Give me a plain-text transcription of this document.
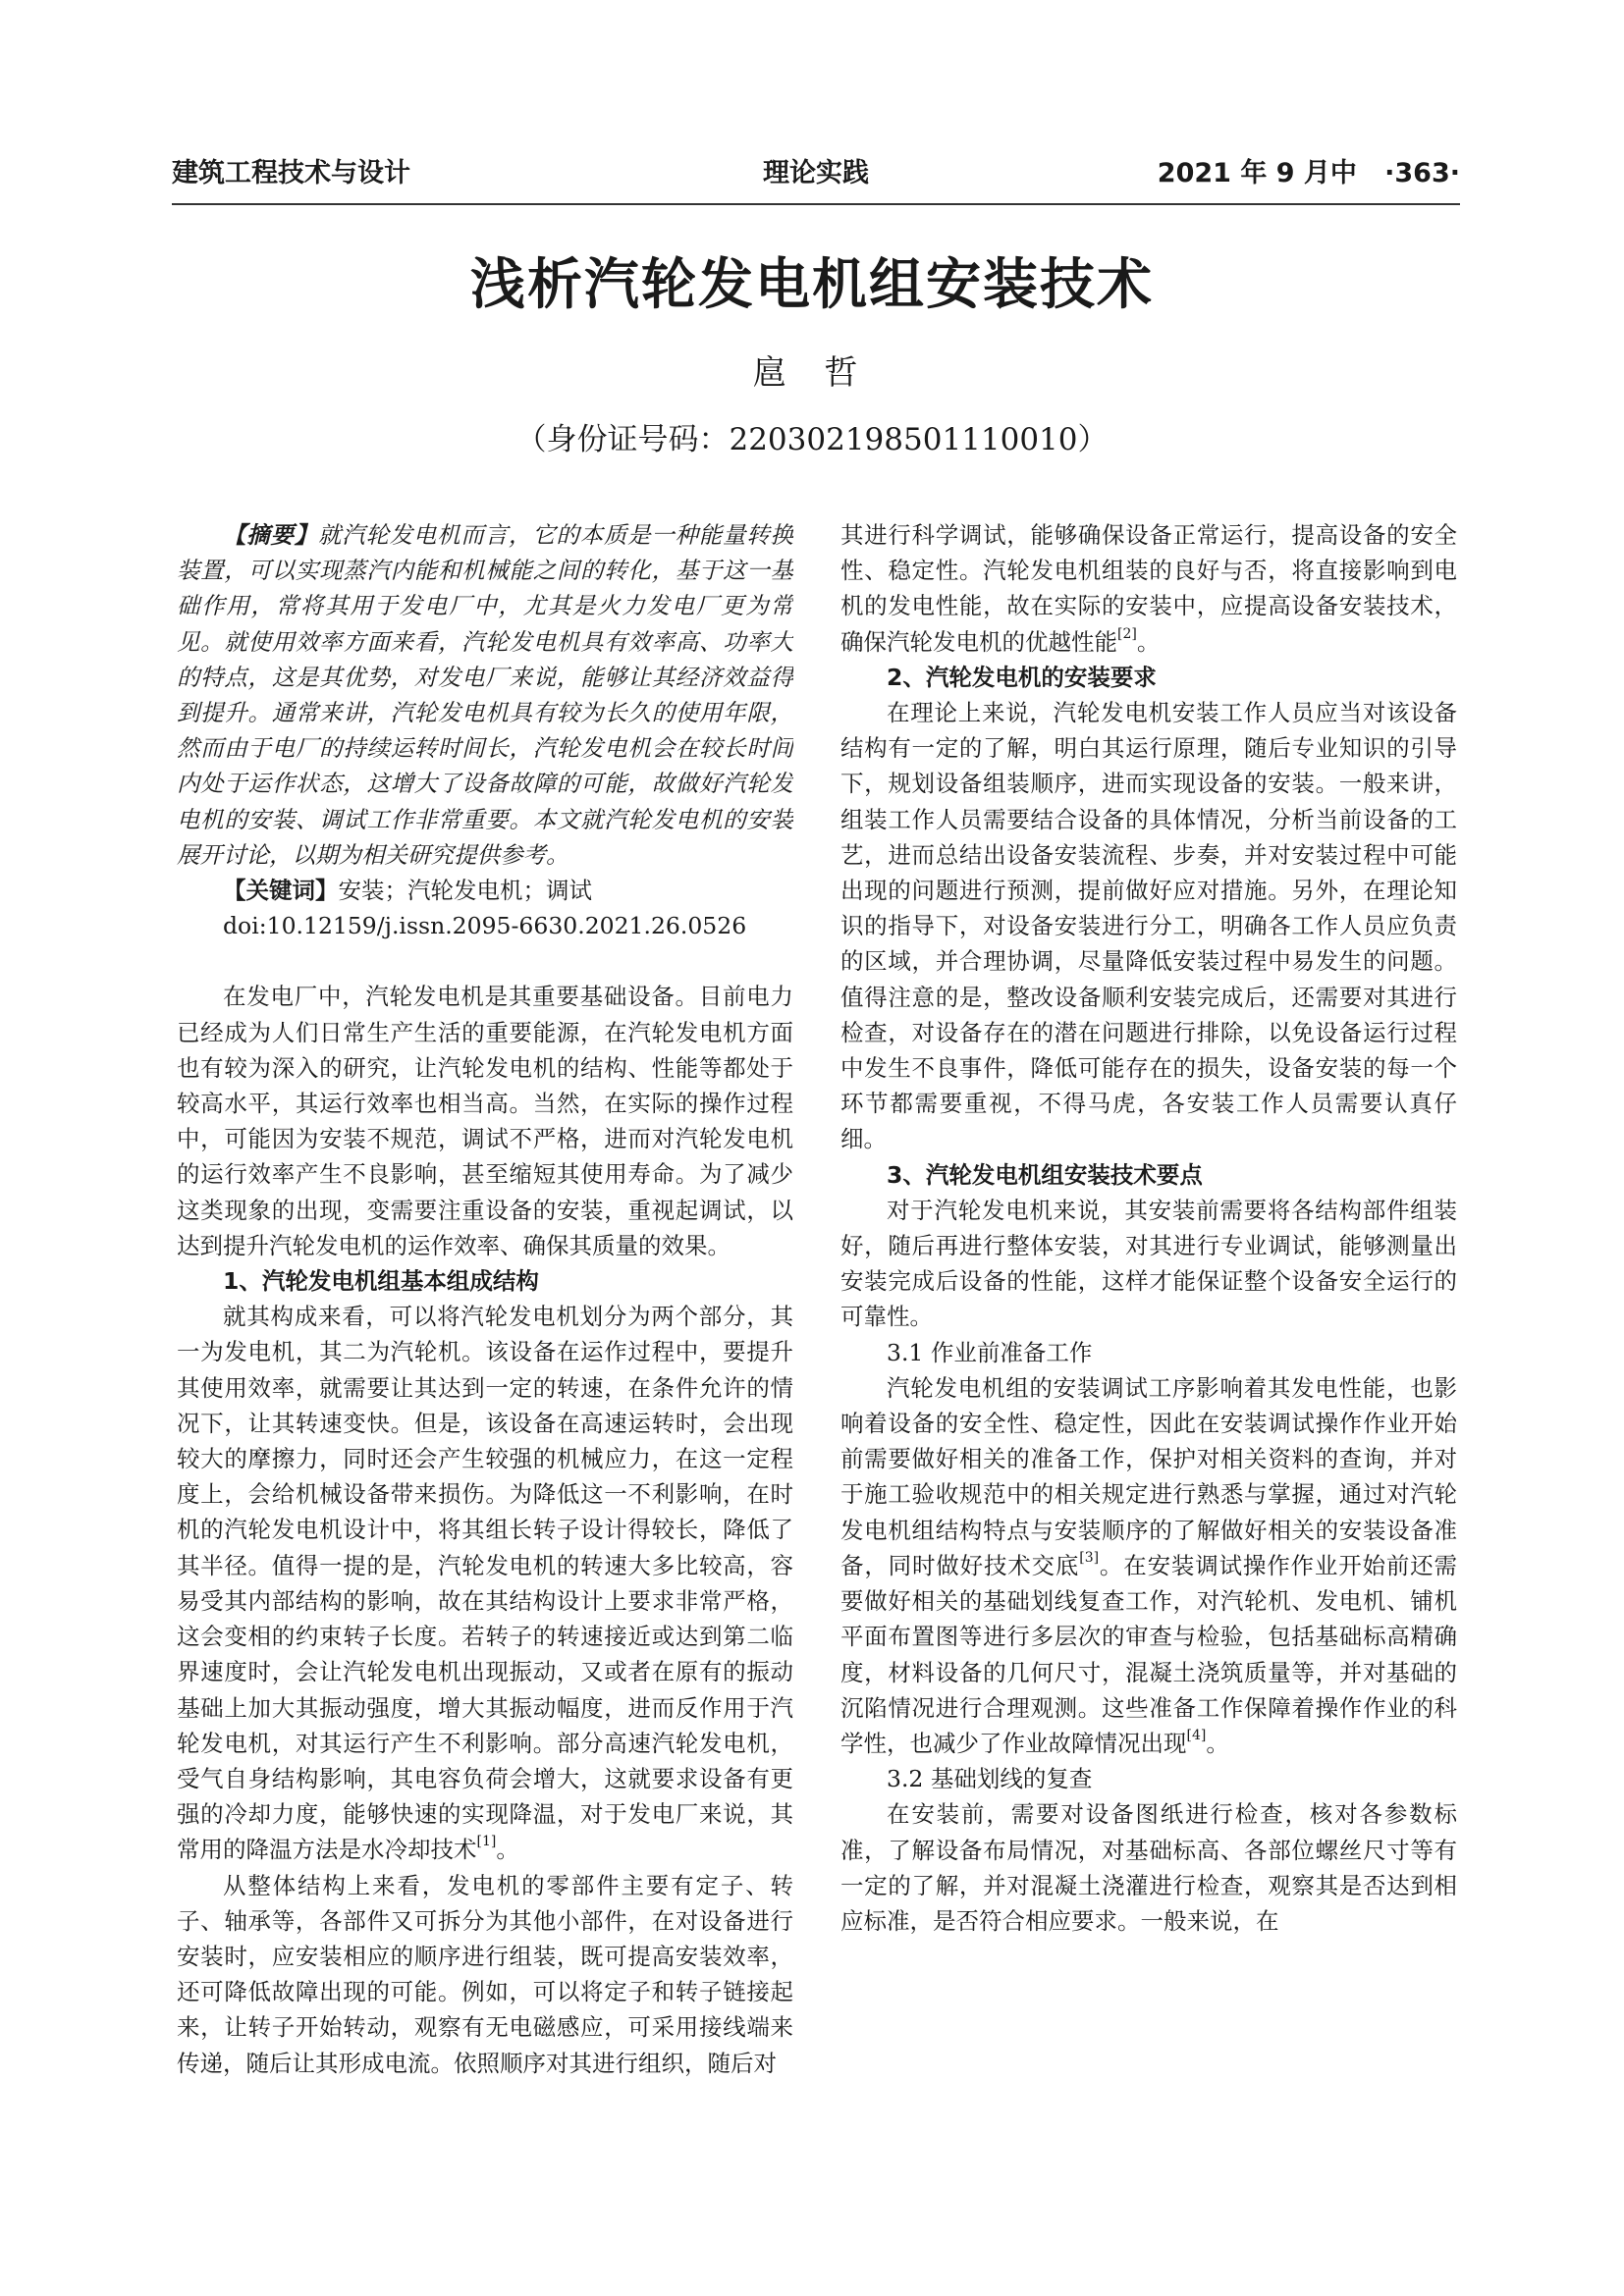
建筑工程技术与设计	理论实践	2021 年 9 月中 ·363·
浅析汽轮发电机组安装技术
扈 哲
（身份证号码：220302198501110010）

【摘要】就汽轮发电机而言，它的本质是一种能量转换装置，可以实现蒸汽内能和机械能之间的转化，基于这一基础作用，常将其用于发电厂中，尤其是火力发电厂更为常见。就使用效率方面来看，汽轮发电机具有效率高、功率大的特点，这是其优势，对发电厂来说，能够让其经济效益得到提升。通常来讲，汽轮发电机具有较为长久的使用年限，然而由于电厂的持续运转时间长，汽轮发电机会在较长时间内处于运作状态，这增大了设备故障的可能，故做好汽轮发电机的安装、调试工作非常重要。本文就汽轮发电机的安装展开讨论，以期为相关研究提供参考。

【关键词】安装；汽轮发电机；调试

doi:10.12159/j.issn.2095-6630.2021.26.0526

在发电厂中，汽轮发电机是其重要基础设备。目前电力已经成为人们日常生产生活的重要能源，在汽轮发电机方面也有较为深入的研究，让汽轮发电机的结构、性能等都处于较高水平，其运行效率也相当高。当然，在实际的操作过程中，可能因为安装不规范，调试不严格，进而对汽轮发电机的运行效率产生不良影响，甚至缩短其使用寿命。为了减少这类现象的出现，变需要注重设备的安装，重视起调试，以达到提升汽轮发电机的运作效率、确保其质量的效果。

1、汽轮发电机组基本组成结构

就其构成来看，可以将汽轮发电机划分为两个部分，其一为发电机，其二为汽轮机。该设备在运作过程中，要提升其使用效率，就需要让其达到一定的转速，在条件允许的情况下，让其转速变快。但是，该设备在高速运转时，会出现较大的摩擦力，同时还会产生较强的机械应力，在这一定程度上，会给机械设备带来损伤。为降低这一不利影响，在时机的汽轮发电机设计中，将其组长转子设计得较长，降低了其半径。值得一提的是，汽轮发电机的转速大多比较高，容易受其内部结构的影响，故在其结构设计上要求非常严格，这会变相的约束转子长度。若转子的转速接近或达到第二临界速度时，会让汽轮发电机出现振动，又或者在原有的振动基础上加大其振动强度，增大其振动幅度，进而反作用于汽轮发电机，对其运行产生不利影响。部分高速汽轮发电机，受气自身结构影响，其电容负荷会增大，这就要求设备有更强的冷却力度，能够快速的实现降温，对于发电厂来说，其常用的降温方法是水冷却技术[1]。

从整体结构上来看，发电机的零部件主要有定子、转子、轴承等，各部件又可拆分为其他小部件，在对设备进行安装时，应安装相应的顺序进行组装，既可提高安装效率，还可降低故障出现的可能。例如，可以将定子和转子链接起来，让转子开始转动，观察有无电磁感应，可采用接线端来传递，随后让其形成电流。依照顺序对其进行组织，随后对

其进行科学调试，能够确保设备正常运行，提高设备的安全性、稳定性。汽轮发电机组装的良好与否，将直接影响到电机的发电性能，故在实际的安装中，应提高设备安装技术，确保汽轮发电机的优越性能[2]。

2、汽轮发电机的安装要求

在理论上来说，汽轮发电机安装工作人员应当对该设备结构有一定的了解，明白其运行原理，随后专业知识的引导下，规划设备组装顺序，进而实现设备的安装。一般来讲，组装工作人员需要结合设备的具体情况，分析当前设备的工艺，进而总结出设备安装流程、步奏，并对安装过程中可能出现的问题进行预测，提前做好应对措施。另外，在理论知识的指导下，对设备安装进行分工，明确各工作人员应负责的区域，并合理协调，尽量降低安装过程中易发生的问题。值得注意的是，整改设备顺利安装完成后，还需要对其进行检查，对设备存在的潜在问题进行排除，以免设备运行过程中发生不良事件，降低可能存在的损失，设备安装的每一个环节都需要重视，不得马虎，各安装工作人员需要认真仔细。

3、汽轮发电机组安装技术要点

对于汽轮发电机来说，其安装前需要将各结构部件组装好，随后再进行整体安装，对其进行专业调试，能够测量出安装完成后设备的性能，这样才能保证整个设备安全运行的可靠性。

3.1 作业前准备工作

汽轮发电机组的安装调试工序影响着其发电性能，也影响着设备的安全性、稳定性，因此在安装调试操作作业开始前需要做好相关的准备工作，保护对相关资料的查询，并对于施工验收规范中的相关规定进行熟悉与掌握，通过对汽轮发电机组结构特点与安装顺序的了解做好相关的安装设备准备，同时做好技术交底[3]。在安装调试操作作业开始前还需要做好相关的基础划线复查工作，对汽轮机、发电机、铺机平面布置图等进行多层次的审查与检验，包括基础标高精确度，材料设备的几何尺寸，混凝土浇筑质量等，并对基础的沉陷情况进行合理观测。这些准备工作保障着操作作业的科学性，也减少了作业故障情况出现[4]。

3.2 基础划线的复查

在安装前，需要对设备图纸进行检查，核对各参数标准，了解设备布局情况，对基础标高、各部位螺丝尺寸等有一定的了解，并对混凝土浇灌进行检查，观察其是否达到相应标准，是否符合相应要求。一般来说，在
